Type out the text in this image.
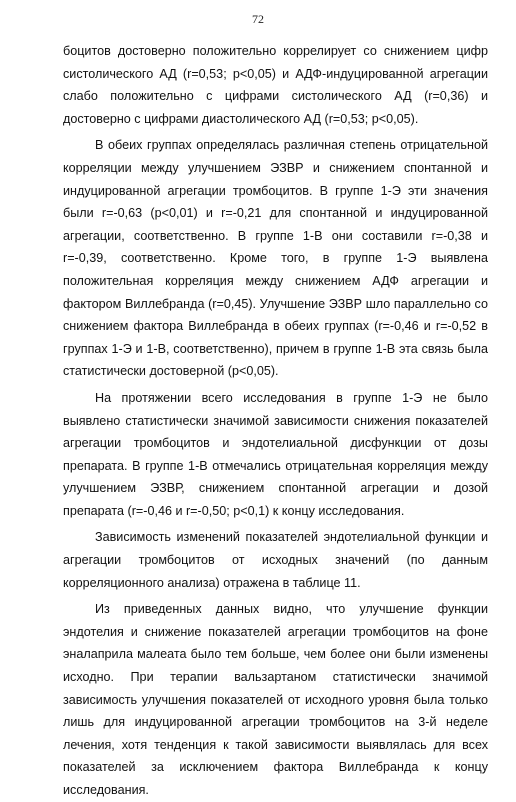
72

боцитов достоверно положительно коррелирует со снижением цифр систолического АД (r=0,53; p<0,05) и АДФ-индуцированной агрегации слабо положительно с цифрами систолического АД (r=0,36) и достоверно с цифрами диастолического АД (r=0,53; p<0,05).

В обеих группах определялась различная степень отрицательной корреляции между улучшением ЭЗВР и снижением спонтанной и индуцированной агрегации тромбоцитов. В группе 1-Э эти значения были r=-0,63 (p<0,01) и r=-0,21 для спонтанной и индуцированной агрегации, соответственно. В группе 1-В они составили r=-0,38 и r=-0,39, соответственно. Кроме того, в группе 1-Э выявлена положительная корреляция между снижением АДФ агрегации и фактором Виллебранда (r=0,45). Улучшение ЭЗВР шло параллельно со снижением фактора Виллебранда в обеих группах (r=-0,46 и r=-0,52 в группах 1-Э и 1-В, соответственно), причем в группе 1-В эта связь была статистически достоверной (p<0,05).

На протяжении всего исследования в группе 1-Э не было выявлено статистически значимой зависимости снижения показателей агрегации тромбоцитов и эндотелиальной дисфункции от дозы препарата. В группе 1-В отмечались отрицательная корреляция между улучшением ЭЗВР, снижением спонтанной агрегации и дозой препарата (r=-0,46 и r=-0,50; p<0,1) к концу исследования.

Зависимость изменений показателей эндотелиальной функции и агрегации тромбоцитов от исходных значений (по данным корреляционного анализа) отражена в таблице 11.

Из приведенных данных видно, что улучшение функции эндотелия и снижение показателей агрегации тромбоцитов на фоне эналаприла малеата было тем больше, чем более они были изменены исходно. При терапии вальзартаном статистически значимой зависимость улучшения показателей от исходного уровня была только лишь для индуцированной агрегации тромбоцитов на 3-й неделе лечения, хотя тенденция к такой зависимости выявлялась для всех показателей за исключением фактора Виллебранда к концу исследования.
